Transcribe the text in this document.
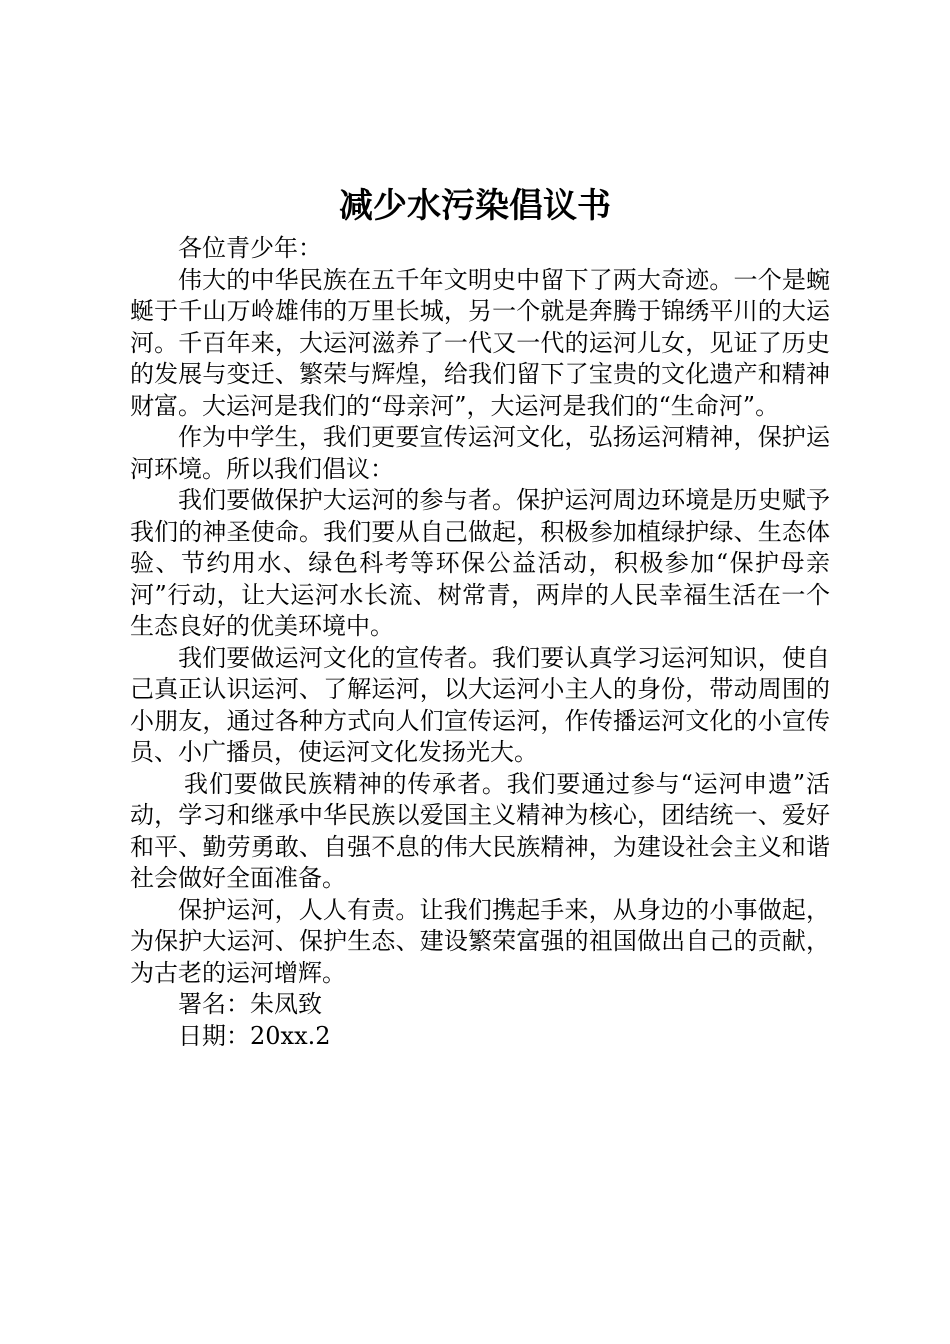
减少水污染倡议书

各位青少年：

伟大的中华民族在五千年文明史中留下了两大奇迹。一个是蜿蜒于千山万岭雄伟的万里长城，另一个就是奔腾于锦绣平川的大运河。千百年来，大运河滋养了一代又一代的运河儿女，见证了历史的发展与变迁、繁荣与辉煌，给我们留下了宝贵的文化遗产和精神财富。大运河是我们的“母亲河”，大运河是我们的“生命河”。

作为中学生，我们更要宣传运河文化，弘扬运河精神，保护运河环境。所以我们倡议：

我们要做保护大运河的参与者。保护运河周边环境是历史赋予我们的神圣使命。我们要从自己做起，积极参加植绿护绿、生态体验、节约用水、绿色科考等环保公益活动，积极参加“保护母亲河”行动，让大运河水长流、树常青，两岸的人民幸福生活在一个生态良好的优美环境中。

我们要做运河文化的宣传者。我们要认真学习运河知识，使自己真正认识运河、了解运河，以大运河小主人的身份，带动周围的小朋友，通过各种方式向人们宣传运河，作传播运河文化的小宣传员、小广播员，使运河文化发扬光大。

我们要做民族精神的传承者。我们要通过参与“运河申遗”活动，学习和继承中华民族以爱国主义精神为核心，团结统一、爱好和平、勤劳勇敢、自强不息的伟大民族精神，为建设社会主义和谐社会做好全面准备。

保护运河，人人有责。让我们携起手来，从身边的小事做起，为保护大运河、保护生态、建设繁荣富强的祖国做出自己的贡献，为古老的运河增辉。

署名：朱凤致

日期：20xx.2
